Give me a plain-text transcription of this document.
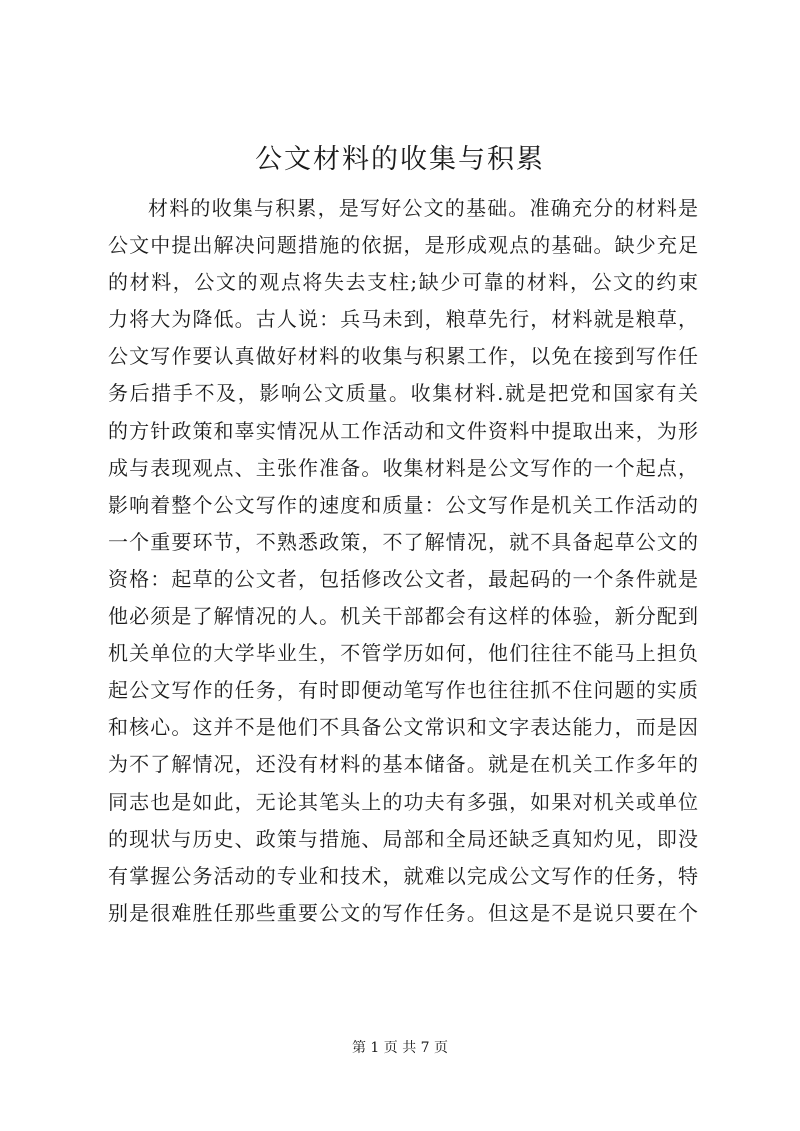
公文材料的收集与积累
材料的收集与积累，是写好公文的基础。准确充分的材料是
公文中提出解决问题措施的依据，是形成观点的基础。缺少充足
的材料，公文的观点将失去支柱;缺少可靠的材料，公文的约束
力将大为降低。古人说：兵马未到，粮草先行，材料就是粮草，
公文写作要认真做好材料的收集与积累工作，以免在接到写作任
务后措手不及，影响公文质量。收集材料.就是把党和国家有关
的方针政策和辜实情况从工作活动和文件资料中提取出来，为形
成与表现观点、主张作准备。收集材料是公文写作的一个起点，
影响着整个公文写作的速度和质量：公文写作是机关工作活动的
一个重要环节，不熟悉政策，不了解情况，就不具备起草公文的
资格：起草的公文者，包括修改公文者，最起码的一个条件就是
他必须是了解情况的人。机关干部都会有这样的体验，新分配到
机关单位的大学毕业生，不管学历如何，他们往往不能马上担负
起公文写作的任务，有时即便动笔写作也往往抓不住问题的实质
和核心。这并不是他们不具备公文常识和文字表达能力，而是因
为不了解情况，还没有材料的基本储备。就是在机关工作多年的
同志也是如此，无论其笔头上的功夫有多强，如果对机关或单位
的现状与历史、政策与措施、局部和全局还缺乏真知灼见，即没
有掌握公务活动的专业和技术，就难以完成公文写作的任务，特
别是很难胜任那些重要公文的写作任务。但这是不是说只要在个
第 1 页 共 7 页
